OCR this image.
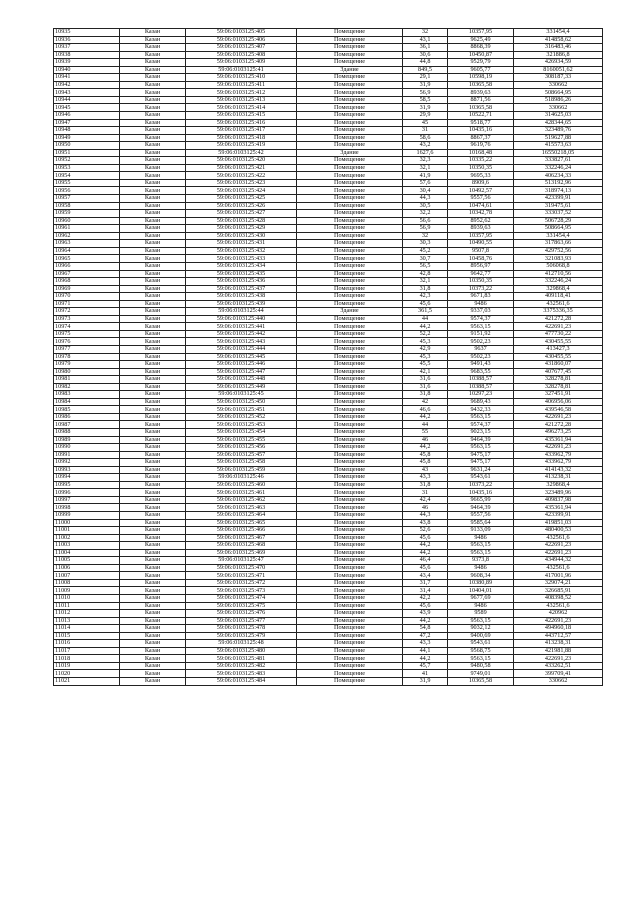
10935	Казан	59:06:0103125:405	Помещение	32	10357,95	331454,4
10936	Казан	59:06:0103125:406	Помещение	43,1	9625,49	414858,62
10937	Казан	59:06:0103125:407	Помещение	36,1	8868,39	316483,46
10938	Казан	59:06:0103125:408	Помещение	30,6	10450,87	321886,8
10939	Казан	59:06:0103125:409	Помещение	44,8	9529,79	426934,59
10940	Казан	59:06:0103125:41	Здание	849,5	9605,77	8160051,62
10941	Казан	59:06:0103125:410	Помещение	29,1	10598,19	308187,33
10942	Казан	59:06:0103125:411	Помещение	31,9	10365,58	330662
10943	Казан	59:06:0103125:412	Помещение	56,9	8939,63	508664,95
10944	Казан	59:06:0103125:413	Помещение	58,5	8871,56	518986,26
10945	Казан	59:06:0103125:414	Помещение	31,9	10365,58	330662
10946	Казан	59:06:0103125:415	Помещение	29,9	10522,71	314625,03
10947	Казан	59:06:0103125:416	Помещение	45	9518,77	428344,65
10948	Казан	59:06:0103125:417	Помещение	31	10435,16	323489,76
10949	Казан	59:06:0103125:418	Помещение	58,6	8867,37	519627,88
10950	Казан	59:06:0103125:419	Помещение	43,2	9619,76	415573,63
10951	Казан	59:06:0103125:42	Здание	1627,6	10168,48	16550218,05
10952	Казан	59:06:0103125:420	Помещение	32,3	10335,22	333827,61
10953	Казан	59:06:0103125:421	Помещение	32,1	10350,35	332246,24
10954	Казан	59:06:0103125:422	Помещение	41,9	9695,33	406234,33
10955	Казан	59:06:0103125:423	Помещение	57,6	8909,6	513192,96
10956	Казан	59:06:0103125:424	Помещение	30,4	10492,57	318974,13
10957	Казан	59:06:0103125:425	Помещение	44,3	9557,56	423399,91
10958	Казан	59:06:0103125:426	Помещение	30,5	10474,61	319475,61
10959	Казан	59:06:0103125:427	Помещение	32,2	10342,78	333037,52
10960	Казан	59:06:0103125:428	Помещение	56,6	8952,62	506728,29
10961	Казан	59:06:0103125:429	Помещение	56,9	8939,63	508664,95
10962	Казан	59:06:0103125:430	Помещение	32	10357,95	331454,4
10963	Казан	59:06:0103125:431	Помещение	30,3	10490,55	317863,66
10964	Казан	59:06:0103125:432	Помещение	45,2	9507,8	429752,56
10965	Казан	59:06:0103125:433	Помещение	30,7	10458,76	321083,93
10966	Казан	59:06:0103125:434	Помещение	56,5	8956,97	506068,8
10967	Казан	59:06:0103125:435	Помещение	42,8	9642,77	412710,56
10968	Казан	59:06:0103125:436	Помещение	32,1	10350,35	332246,24
10969	Казан	59:06:0103125:437	Помещение	31,8	10373,22	329868,4
10970	Казан	59:06:0103125:438	Помещение	42,3	9671,83	409118,41
10971	Казан	59:06:0103125:439	Помещение	45,6	9486	432561,6
10972	Казан	59:06:0103125:44	Здание	361,5	9337,03	3375336,35
10973	Казан	59:06:0103125:440	Помещение	44	9574,37	421272,28
10974	Казан	59:06:0103125:441	Помещение	44,2	9563,15	422691,23
10975	Казан	59:06:0103125:442	Помещение	52,2	9151,92	477730,22
10976	Казан	59:06:0103125:443	Помещение	45,3	9502,23	430455,55
10977	Казан	59:06:0103125:444	Помещение	42,9	9637	413427,3
10978	Казан	59:06:0103125:445	Помещение	45,3	9502,23	430455,55
10979	Казан	59:06:0103125:446	Помещение	45,5	9491,43	431860,07
10980	Казан	59:06:0103125:447	Помещение	42,1	9683,55	407677,45
10981	Казан	59:06:0103125:448	Помещение	31,6	10388,57	328278,81
10982	Казан	59:06:0103125:449	Помещение	31,6	10388,57	328278,81
10983	Казан	59:06:0103125:45	Помещение	31,8	10297,23	327451,91
10984	Казан	59:06:0103125:450	Помещение	42	9689,43	406956,06
10985	Казан	59:06:0103125:451	Помещение	46,6	9432,33	439546,58
10986	Казан	59:06:0103125:452	Помещение	44,2	9563,15	422691,23
10987	Казан	59:06:0103125:453	Помещение	44	9574,37	421272,28
10988	Казан	59:06:0103125:454	Помещение	55	9023,15	496273,25
10989	Казан	59:06:0103125:455	Помещение	46	9464,39	435361,94
10990	Казан	59:06:0103125:456	Помещение	44,2	9563,15	422691,23
10991	Казан	59:06:0103125:457	Помещение	45,8	9475,17	433962,79
10992	Казан	59:06:0103125:458	Помещение	45,8	9475,17	433962,79
10993	Казан	59:06:0103125:459	Помещение	43	9631,24	414143,32
10994	Казан	59:06:0103125:46	Помещение	43,3	9543,61	413238,31
10995	Казан	59:06:0103125:460	Помещение	31,8	10373,22	329868,4
10996	Казан	59:06:0103125:461	Помещение	31	10435,16	323489,96
10997	Казан	59:06:0103125:462	Помещение	42,4	9665,99	409837,98
10998	Казан	59:06:0103125:463	Помещение	46	9464,39	435361,94
10999	Казан	59:06:0103125:464	Помещение	44,3	9557,56	423399,91
11000	Казан	59:06:0103125:465	Помещение	43,8	9585,64	419851,03
11001	Казан	59:06:0103125:466	Помещение	52,6	9133,09	480400,53
11002	Казан	59:06:0103125:467	Помещение	45,6	9486	432561,6
11003	Казан	59:06:0103125:468	Помещение	44,2	9563,15	422691,23
11004	Казан	59:06:0103125:469	Помещение	44,2	9563,15	422691,23
11005	Казан	59:06:0103125:47	Помещение	46,4	9373,8	434944,32
11006	Казан	59:06:0103125:470	Помещение	45,6	9486	432561,6
11007	Казан	59:06:0103125:471	Помещение	43,4	9608,34	417001,96
11008	Казан	59:06:0103125:472	Помещение	31,7	10380,89	329074,21
11009	Казан	59:06:0103125:473	Помещение	31,4	10404,01	326685,91
11010	Казан	59:06:0103125:474	Помещение	42,2	9677,69	408398,52
11011	Казан	59:06:0103125:475	Помещение	45,6	9486	432561,6
11012	Казан	59:06:0103125:476	Помещение	43,9	9589	420962
11013	Казан	59:06:0103125:477	Помещение	44,2	9563,15	422691,23
11014	Казан	59:06:0103125:478	Помещение	54,8	9032,12	494960,18
11015	Казан	59:06:0103125:479	Помещение	47,2	9400,69	443712,57
11016	Казан	59:06:0103125:48	Помещение	43,3	9543,61	413238,31
11017	Казан	59:06:0103125:480	Помещение	44,1	9568,75	421981,88
11018	Казан	59:06:0103125:481	Помещение	44,2	9563,15	422691,23
11019	Казан	59:06:0103125:482	Помещение	45,7	9480,58	433262,51
11020	Казан	59:06:0103125:483	Помещение	41	9749,01	399709,41
11021	Казан	59:06:0103125:484	Помещение	31,9	10365,58	330662
